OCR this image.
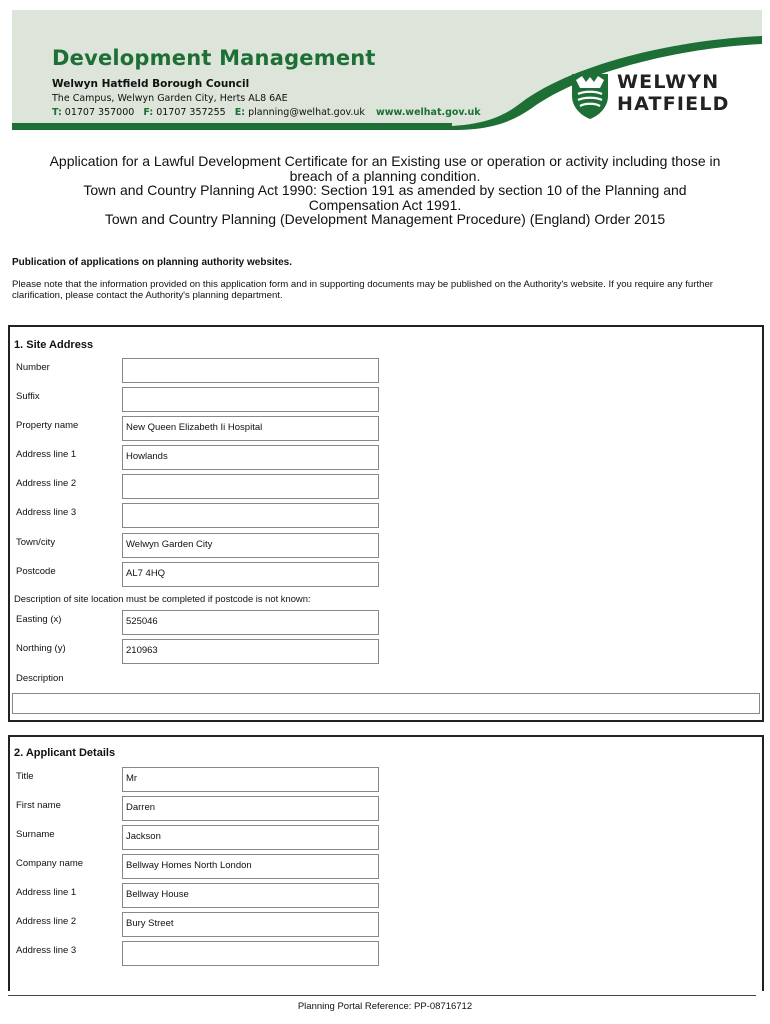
Development Management
Welwyn Hatfield Borough Council
The Campus, Welwyn Garden City, Herts AL8 6AE
T: 01707 357000 F: 01707 357255 E: planning@welhat.gov.uk www.welhat.gov.uk
WELWYN
HATFIELD
Application for a Lawful Development Certificate for an Existing use or operation or activity including those in
breach of a planning condition.
Town and Country Planning Act 1990: Section 191 as amended by section 10 of the Planning and
Compensation Act 1991.
Town and Country Planning (Development Management Procedure) (England) Order 2015
Publication of applications on planning authority websites.
Please note that the information provided on this application form and in supporting documents may be published on the Authority's website. If you require any further clarification, please contact the Authority's planning department.
1. Site Address
Number
Suffix
Property name	New Queen Elizabeth Ii Hospital
Address line 1	Howlands
Address line 2
Address line 3
Town/city	Welwyn Garden City
Postcode	AL7 4HQ
Description of site location must be completed if postcode is not known:
Easting (x)	525046
Northing (y)	210963
Description
2. Applicant Details
Title	Mr
First name	Darren
Surname	Jackson
Company name	Bellway Homes North London
Address line 1	Bellway House
Address line 2	Bury Street
Address line 3
Planning Portal Reference: PP-08716712
